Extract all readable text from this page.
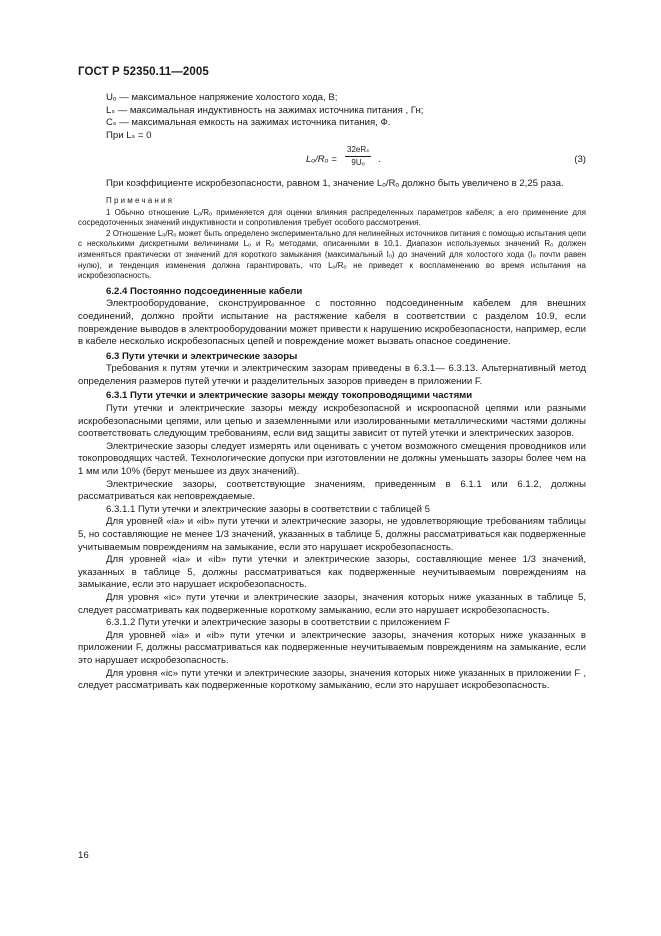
ГОСТ Р 52350.11—2005

Uₒ — максимальное напряжение холостого хода, В;

Lₛ — максимальная индуктивность на зажимах источника питания , Гн;

Cₛ — максимальная емкость на зажимах источника питания, Ф.

При Lₛ = 0

Lₒ/Rₒ =
32eRₛ
9Uₒ	.	(3)

При коэффициенте искробезопасности, равном 1, значение Lₒ/Rₒ должно быть увеличено в 2,25 раза.

Примечания

1 Обычно отношение Lₒ/Rₒ применяется для оценки влияния распределенных параметров кабеля; а его применение для сосредоточенных значений индуктивности и сопротивления требует особого рассмотрения.

2 Отношение Lₒ/Rₒ может быть определено экспериментально для нелинейных источников питания с помощью испытания цепи с несколькими дискретными величинами Lₒ и Rₒ методами, описанными в 10.1. Диапазон используемых значений Rₒ должен изменяться практически от значений для короткого замыкания (максимальный Iₒ) до значений для холостого хода (Iₒ почти равен нулю), и тенденция изменения должна гарантировать, что Lₒ/Rₒ не приведет к воспламенению во время испытания на искробезопасность.

6.2.4 Постоянно подсоединенные кабели

Электрооборудование, сконструированное с постоянно подсоединенным кабелем для внешних соединений, должно пройти испытание на растяжение кабеля в соответствии с разделом 10.9, если повреждение выводов в электрооборудовании может привести к нарушению искробезопасности, например, если в кабеле несколько искробезопасных цепей и повреждение может вызвать опасное соединение.

6.3 Пути утечки и электрические зазоры

Требования к путям утечки и электрическим зазорам приведены в 6.3.1— 6.3.13. Альтернативный метод определения размеров путей утечки и разделительных зазоров приведен в приложении F.

6.3.1 Пути утечки и электрические зазоры между токопроводящими частями

Пути утечки и электрические зазоры между искробезопасной и искроопасной цепями или разными искробезопасными цепями, или цепью и заземленными или изолированными металлическими частями должны соответствовать следующим требованиям, если вид защиты зависит от путей утечки и электрических зазоров.

Электрические зазоры следует измерять или оценивать с учетом возможного смещения проводников или токопроводящих частей. Технологические допуски при изготовлении не должны уменьшать зазоры более чем на 1 мм или 10% (берут меньшее из двух значений).

Электрические зазоры, соответствующие значениям, приведенным в 6.1.1 или 6.1.2, должны рассматриваться как неповреждаемые.

6.3.1.1 Пути утечки и электрические зазоры в соответствии с таблицей 5

Для уровней «ia» и «ib» пути утечки и электрические зазоры, не удовлетворяющие требованиям таблицы 5, но составляющие не менее 1/3 значений, указанных в таблице 5, должны рассматриваться как подверженные учитываемым повреждениям на замыкание, если это нарушает искробезопасность.

Для уровней «ia» и «ib» пути утечки и электрические зазоры, составляющие менее 1/3 значений, указанных в таблице 5, должны рассматриваться как подверженные неучитываемым повреждениям на замыкание, если это нарушает искробезопасность.

Для уровня «ic» пути утечки и электрические зазоры, значения которых ниже указанных в таблице 5, следует рассматривать как подверженные короткому замыканию, если это нарушает искробезопасность.

6.3.1.2 Пути утечки и электрические зазоры в соответствии с приложением F

Для уровней «ia» и «ib» пути утечки и электрические зазоры, значения которых ниже указанных в приложении F, должны рассматриваться как подверженные неучитываемым повреждениям на замыкание, если это нарушает искробезопасность.

Для уровня «ic» пути утечки и электрические зазоры, значения которых ниже указанных в приложении F , следует рассматривать как подверженные короткому замыканию, если это нарушает искробезопасность.

16
